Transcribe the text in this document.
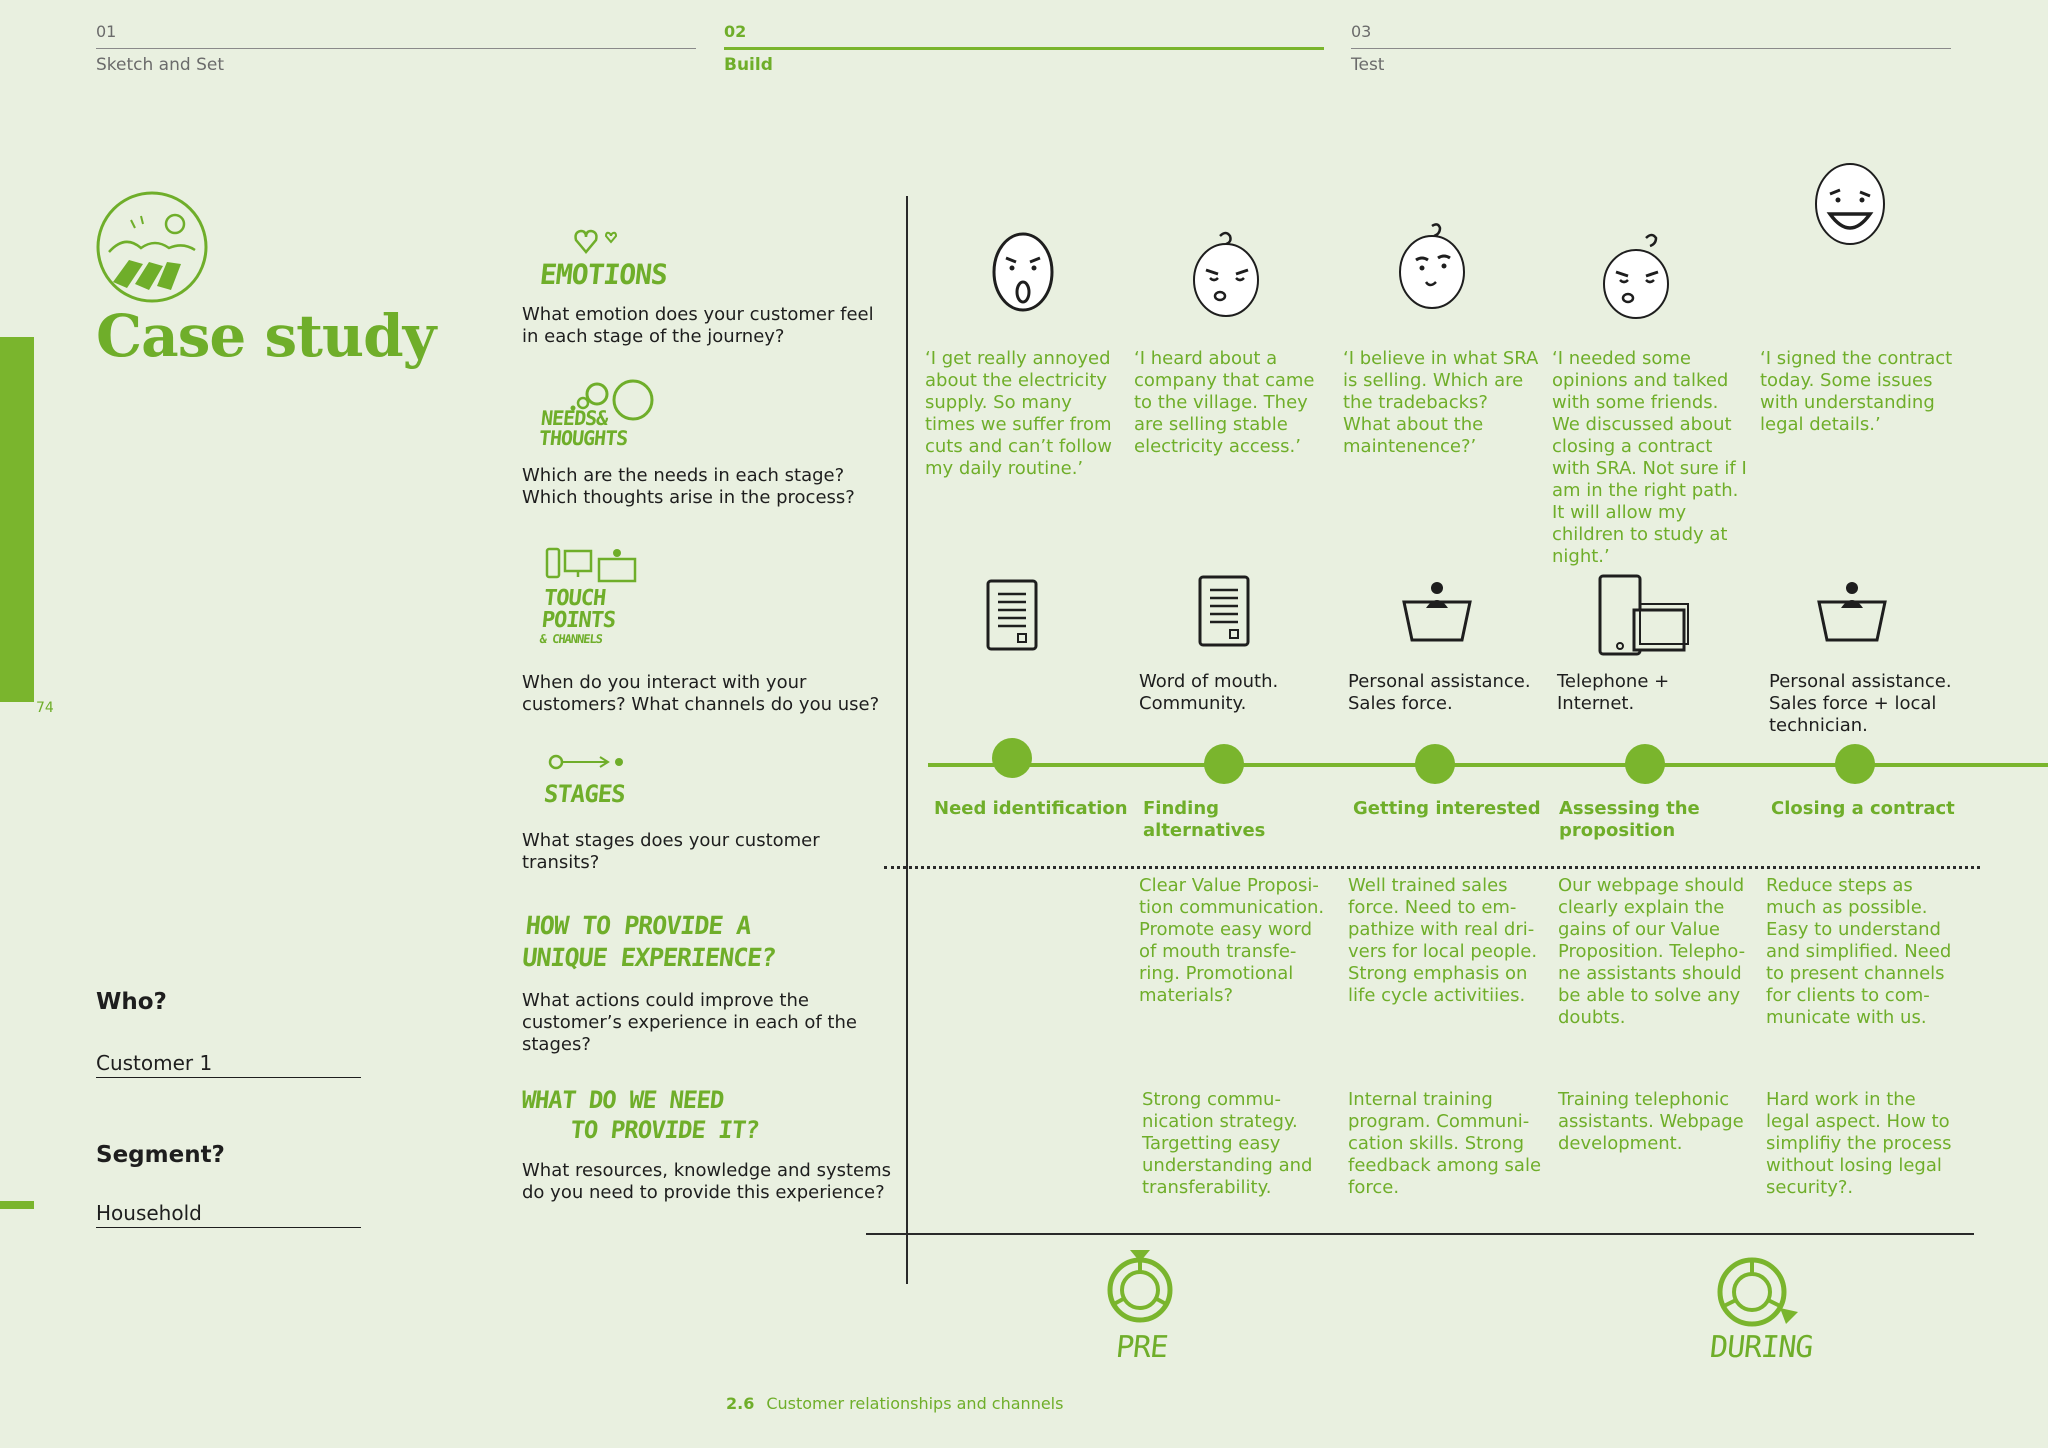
01
Sketch and Set
02
Build
03
Test
74
Case study
Who?
Customer 1
Segment?
Household
EMOTIONS
What emotion does your customer feel in each stage of the journey?
NEEDS&
THOUGHTS
Which are the needs in each stage? Which thoughts arise in the process?
TOUCH
POINTS
& CHANNELS
When do you interact with your customers? What channels do you use?
STAGES
What stages does your customer transits?
HOW TO PROVIDE A
UNIQUE EXPERIENCE?
What actions could improve the customer’s experience in each of the stages?
WHAT DO WE NEED
TO PROVIDE IT?
What resources, knowledge and systems do you need to provide this experience?
‘I get really annoyed about the electricity supply. So many times we suffer from cuts and can’t follow my daily routine.’
‘I heard about a company that came to the village. They are selling stable electricity access.’
‘I believe in what SRA is selling. Which are the tradebacks? What about the maintenence?’
‘I needed some opinions and talked with some friends. We discussed about closing a contract with SRA. Not sure if I am in the right path. It will allow my children to study at night.’
‘I signed the contract today. Some issues with understanding legal details.’
Word of mouth. Community.
Personal assistance. Sales force.
Telephone + Internet.
Personal assistance. Sales force + local technician.
Need identification Finding alternatives
Getting interested	Assessing the proposition
Closing a contract
Clear Value Proposi- tion communication. Promote easy word of mouth transfe- ring. Promotional materials?
Well trained sales force. Need to em- pathize with real dri- vers for local people. Strong emphasis on life cycle activitiies.
Our webpage should clearly explain the gains of our Value Proposition. Telepho- ne assistants should be able to solve any doubts.
Reduce steps as much as possible. Easy to understand and simplified. Need to present channels for clients to com- municate with us.
Strong commu- nication strategy. Targetting easy understanding and transferability.
Internal training program. Communi- cation skills. Strong feedback among sale force.
Training telephonic assistants. Webpage development.
Hard work in the legal aspect. How to simplifiy the process without losing legal security?.
PRE	DURING
2.6 Customer relationships and channels
